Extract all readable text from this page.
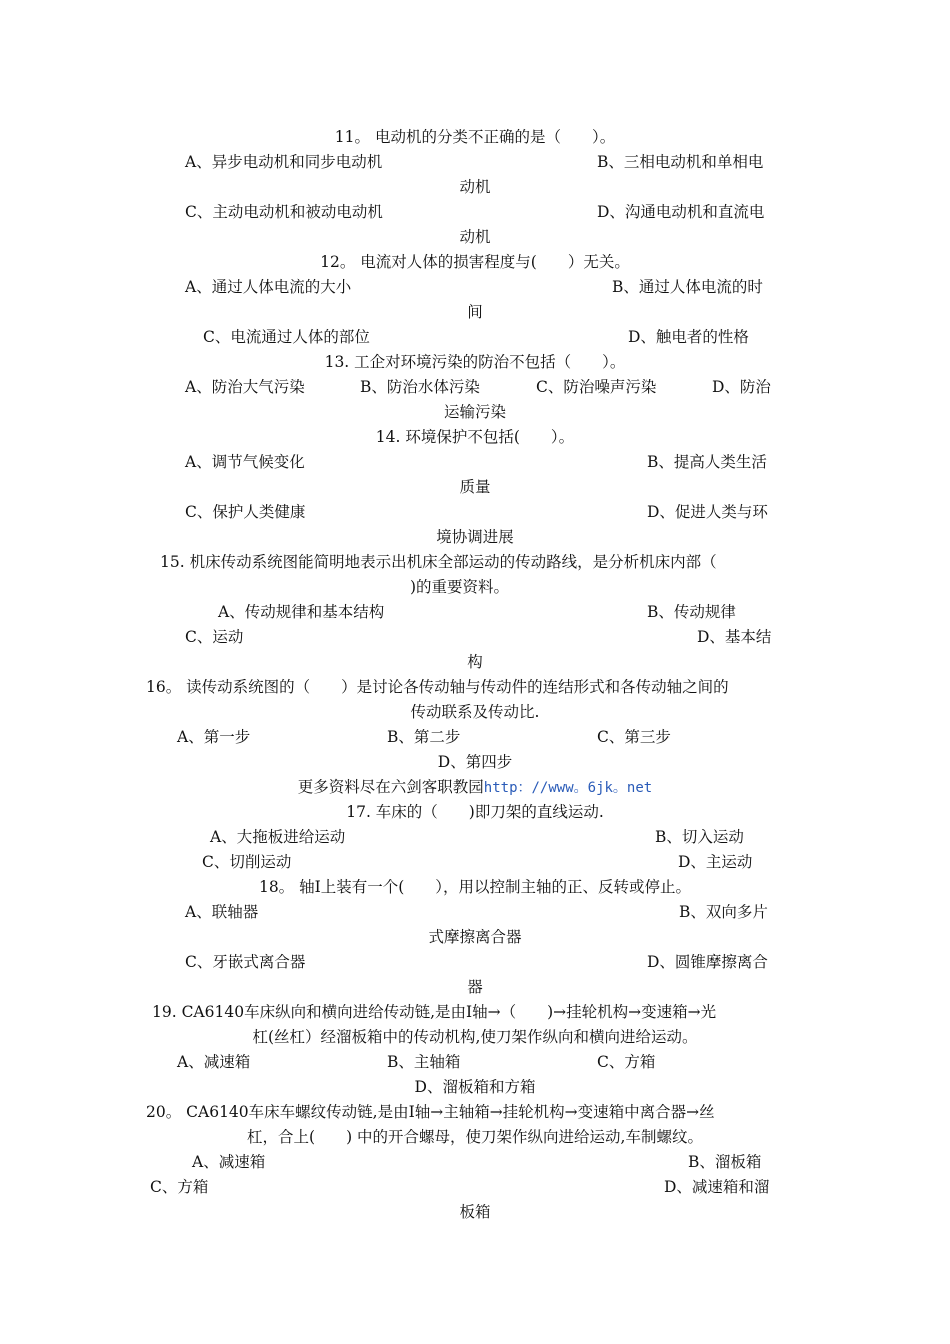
11。 电动机的分类不正确的是（　　）。
A、异步电动机和同步电动机	B、三相电动机和单相电
动机
C、主动电动机和被动电动机	D、沟通电动机和直流电
动机
12。 电流对人体的损害程度与(　　）无关。
A、通过人体电流的大小	B、通过人体电流的时
间
C、电流通过人体的部位	D、触电者的性格
13. 工企对环境污染的防治不包括（　　）。
A、防治大气污染	B、防治水体污染	C、防治噪声污染	D、防治
运输污染
14. 环境保护不包括(　　）。
A、调节气候变化	B、提高人类生活
质量
C、保护人类健康	D、促进人类与环
境协调进展
15. 机床传动系统图能简明地表示出机床全部运动的传动路线，是分析机床内部（
)的重要资料。
A、传动规律和基本结构	B、传动规律
C、运动	D、基本结
构
16。 读传动系统图的（　　）是讨论各传动轴与传动件的连结形式和各传动轴之间的
传动联系及传动比.
A、第一步	B、第二步	C、第三步
D、第四步
更多资料尽在六剑客职教园http：//www。6jk。net
17. 车床的（　　)即刀架的直线运动.
A、大拖板进给运动	B、切入运动
C、切削运动	D、主运动
18。 轴Ⅰ上装有一个(　　），用以控制主轴的正、反转或停止。
A、联轴器	B、双向多片
式摩擦离合器
C、牙嵌式离合器	D、圆锥摩擦离合
器
19. CA6140车床纵向和横向进给传动链,是由Ⅰ轴→（　　)→挂轮机构→变速箱→光
杠(丝杠）经溜板箱中的传动机构,使刀架作纵向和横向进给运动。
A、减速箱	B、主轴箱	C、方箱
D、溜板箱和方箱
20。 CA6140车床车螺纹传动链,是由Ⅰ轴→主轴箱→挂轮机构→变速箱中离合器→丝
杠，合上(　　) 中的开合螺母，使刀架作纵向进给运动,车制螺纹。
A、减速箱	B、溜板箱
C、方箱	D、减速箱和溜
板箱
